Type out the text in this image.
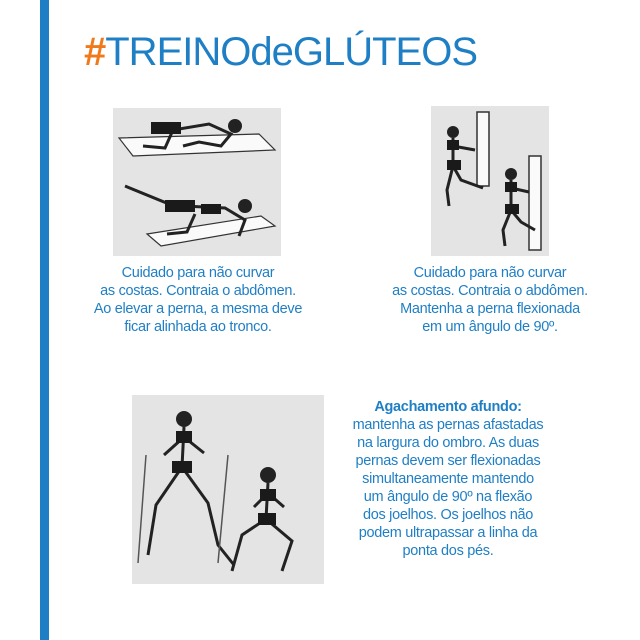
#TREINOdeGLÚTEOS
Cuidado para não curvar
as costas. Contraia o abdômen.
Ao elevar a perna, a mesma deve
ficar alinhada ao tronco.
Cuidado para não curvar
as costas. Contraia o abdômen.
Mantenha a perna flexionada
em um ângulo de 90º.
Agachamento afundo:
mantenha as pernas afastadas
na largura do ombro. As duas
pernas devem ser flexionadas
simultaneamente mantendo
um ângulo de 90º na flexão
dos joelhos. Os joelhos não
podem ultrapassar a linha da
ponta dos pés.
